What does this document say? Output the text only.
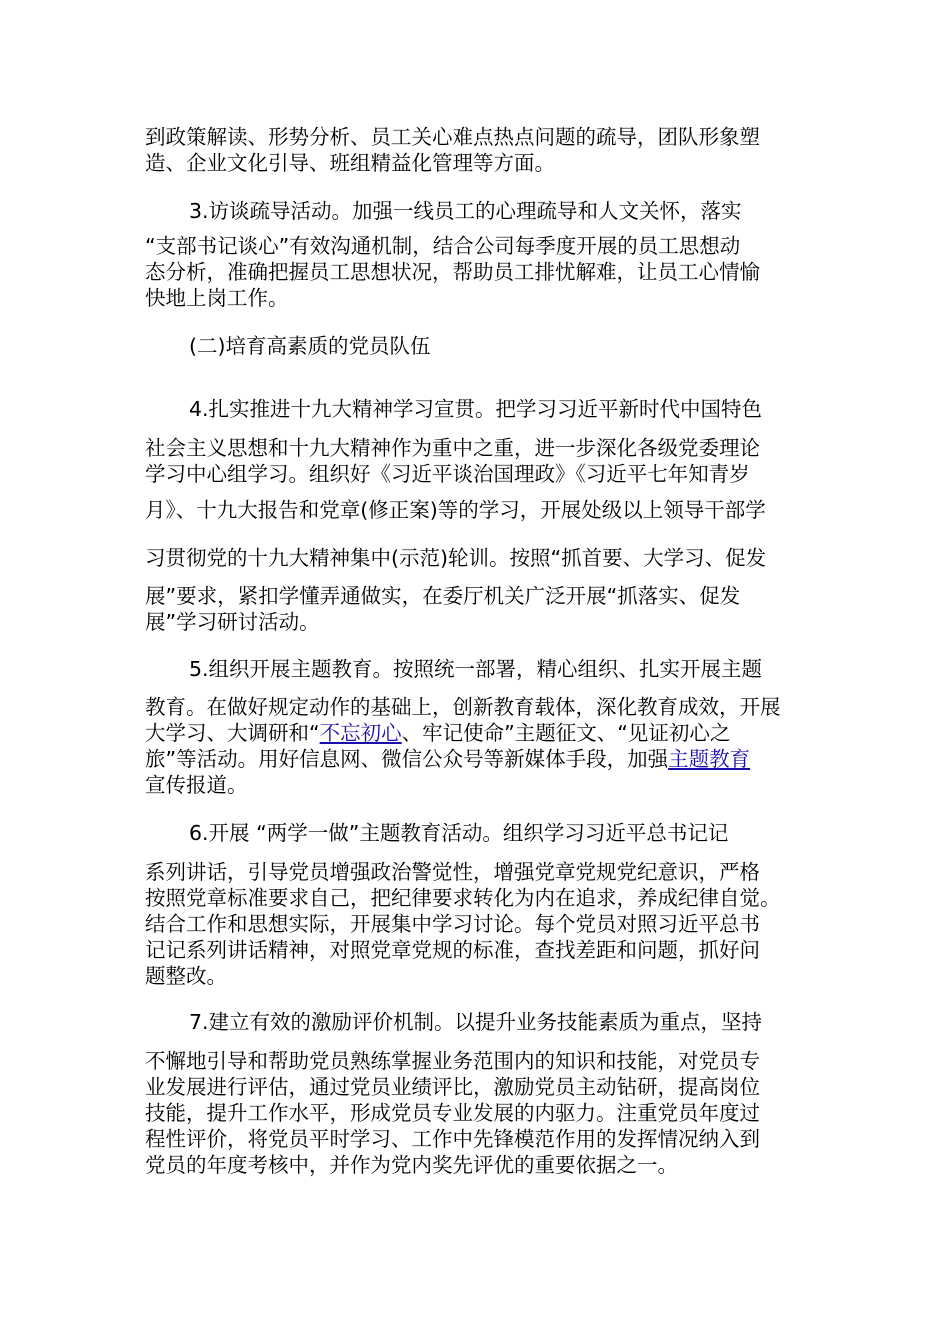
到政策解读、形势分析、员工关心难点热点问题的疏导，团队形象塑
造、企业文化引导、班组精益化管理等方面。
3.访谈疏导活动。加强一线员工的心理疏导和人文关怀，落实
“支部书记谈心”有效沟通机制，结合公司每季度开展的员工思想动
态分析，准确把握员工思想状况，帮助员工排忧解难，让员工心情愉
快地上岗工作。
(二)培育高素质的党员队伍
4.扎实推进十九大精神学习宣贯。把学习习近平新时代中国特色
社会主义思想和十九大精神作为重中之重，进一步深化各级党委理论
学习中心组学习。组织好《习近平谈治国理政》《习近平七年知青岁
月》、十九大报告和党章(修正案)等的学习，开展处级以上领导干部学
习贯彻党的十九大精神集中(示范)轮训。按照“抓首要、大学习、促发
展”要求，紧扣学懂弄通做实，在委厅机关广泛开展“抓落实、促发
展”学习研讨活动。
5.组织开展主题教育。按照统一部署，精心组织、扎实开展主题
教育。在做好规定动作的基础上，创新教育载体，深化教育成效，开展
大学习、大调研和“不忘初心、牢记使命”主题征文、“见证初心之
旅”等活动。用好信息网、微信公众号等新媒体手段，加强主题教育
宣传报道。
6.开展 “两学一做”主题教育活动。组织学习习近平总书记记
系列讲话，引导党员增强政治警觉性，增强党章党规党纪意识，严格
按照党章标准要求自己，把纪律要求转化为内在追求，养成纪律自觉。
结合工作和思想实际，开展集中学习讨论。每个党员对照习近平总书
记记系列讲话精神，对照党章党规的标准，查找差距和问题，抓好问
题整改。
7.建立有效的激励评价机制。以提升业务技能素质为重点，坚持
不懈地引导和帮助党员熟练掌握业务范围内的知识和技能，对党员专
业发展进行评估，通过党员业绩评比，激励党员主动钻研，提高岗位
技能，提升工作水平，形成党员专业发展的内驱力。注重党员年度过
程性评价，将党员平时学习、工作中先锋模范作用的发挥情况纳入到
党员的年度考核中，并作为党内奖先评优的重要依据之一。
